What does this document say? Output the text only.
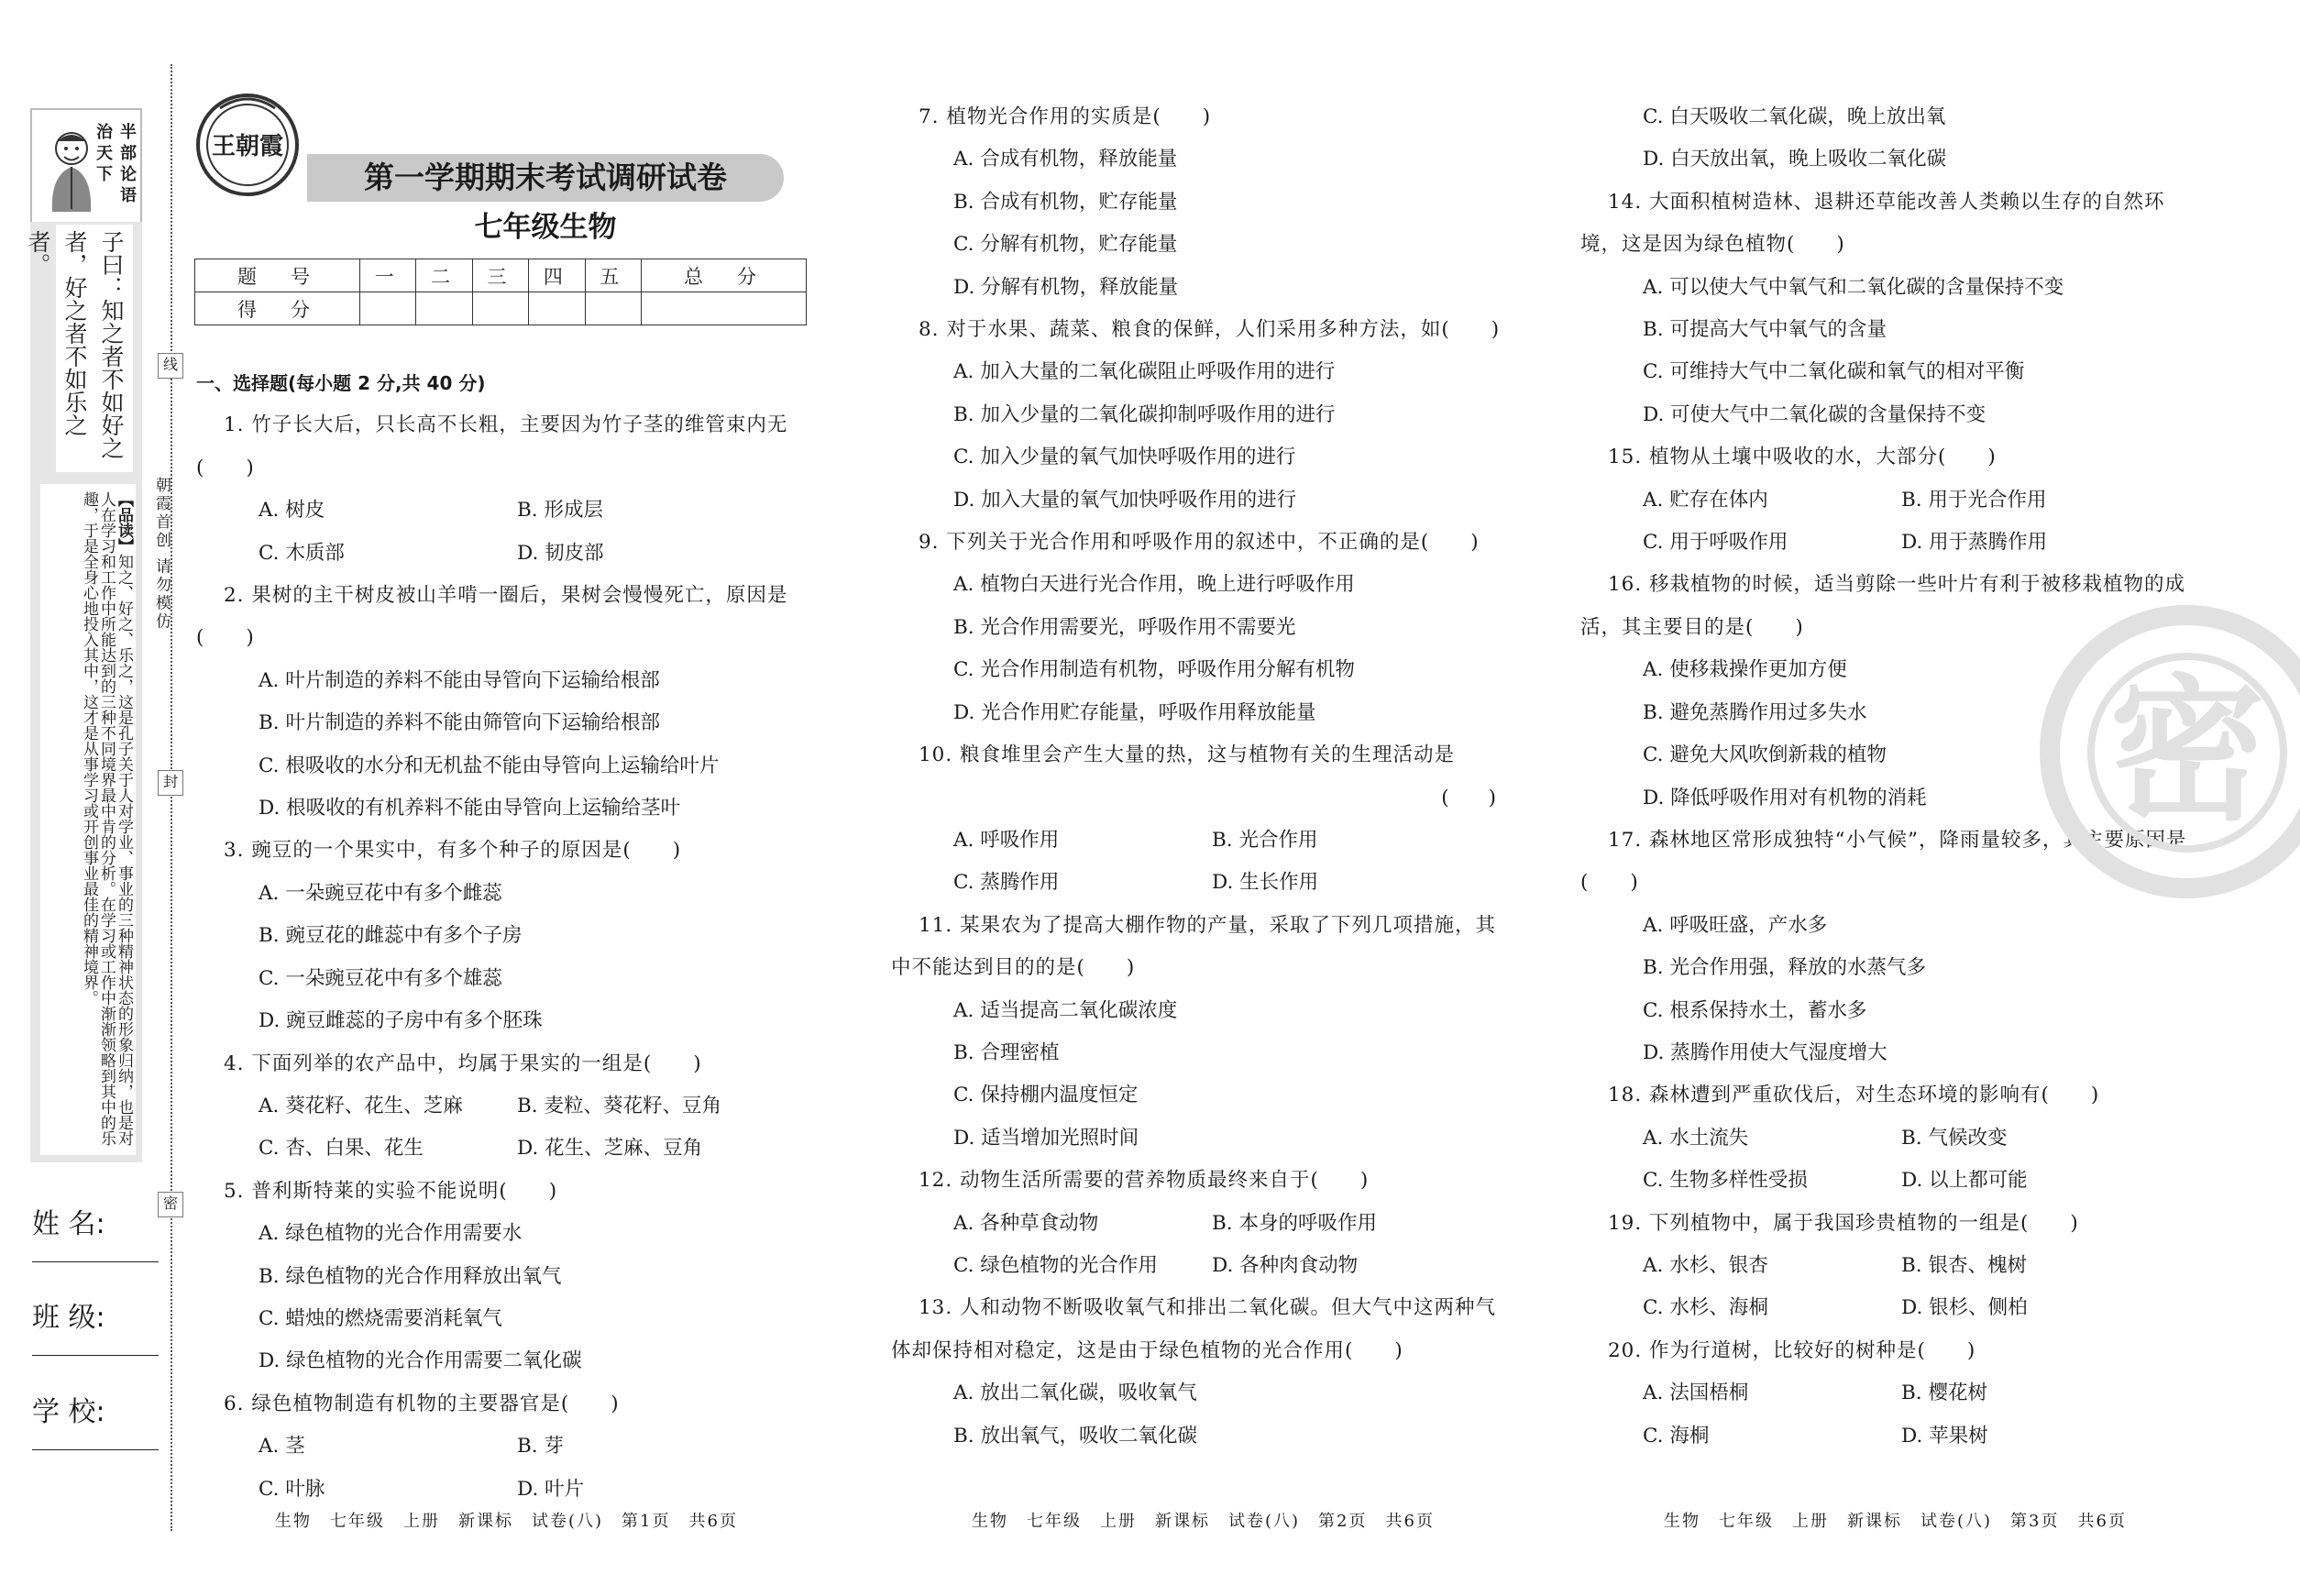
半部论语治天下
子曰：知之者不如好之者，好之者不如乐之者。
【品读】知之、好之、乐之，这是孔子关于人对学业、事业的三种精神状态的形象归纳，也是对人在学习和工作中所能达到的三种不同境界最中肯的分析。在学习或工作中渐渐领略到其中的乐趣，于是全身心地投入其中，这才是从事学习或开创事业最佳的精神境界。
姓 名:
班 级:
学 校:
线
朝霞首创 请勿模仿
封
密
王朝霞
第一学期期末考试调研试卷
七年级生物
题　号	一	二	三	四	五	总　分
得　分						
一、选择题(每小题 2 分,共 40 分)
1. 竹子长大后，只长高不长粗，主要因为竹子茎的维管束内无(　　)
A. 树皮	B. 形成层
C. 木质部	D. 韧皮部
2. 果树的主干树皮被山羊啃一圈后，果树会慢慢死亡，原因是(　　)
A. 叶片制造的养料不能由导管向下运输给根部
B. 叶片制造的养料不能由筛管向下运输给根部
C. 根吸收的水分和无机盐不能由导管向上运输给叶片
D. 根吸收的有机养料不能由导管向上运输给茎叶
3. 豌豆的一个果实中，有多个种子的原因是(　　)
A. 一朵豌豆花中有多个雌蕊
B. 豌豆花的雌蕊中有多个子房
C. 一朵豌豆花中有多个雄蕊
D. 豌豆雌蕊的子房中有多个胚珠
4. 下面列举的农产品中，均属于果实的一组是(　　)
A. 葵花籽、花生、芝麻	B. 麦粒、葵花籽、豆角
C. 杏、白果、花生	D. 花生、芝麻、豆角
5. 普利斯特莱的实验不能说明(　　)
A. 绿色植物的光合作用需要水
B. 绿色植物的光合作用释放出氧气
C. 蜡烛的燃烧需要消耗氧气
D. 绿色植物的光合作用需要二氧化碳
6. 绿色植物制造有机物的主要器官是(　　)
A. 茎	B. 芽
C. 叶脉	D. 叶片
7. 植物光合作用的实质是(　　)
A. 合成有机物，释放能量
B. 合成有机物，贮存能量
C. 分解有机物，贮存能量
D. 分解有机物，释放能量
8. 对于水果、蔬菜、粮食的保鲜，人们采用多种方法，如(　　)
A. 加入大量的二氧化碳阻止呼吸作用的进行
B. 加入少量的二氧化碳抑制呼吸作用的进行
C. 加入少量的氧气加快呼吸作用的进行
D. 加入大量的氧气加快呼吸作用的进行
9. 下列关于光合作用和呼吸作用的叙述中，不正确的是(　　)
A. 植物白天进行光合作用，晚上进行呼吸作用
B. 光合作用需要光，呼吸作用不需要光
C. 光合作用制造有机物，呼吸作用分解有机物
D. 光合作用贮存能量，呼吸作用释放能量
10. 粮食堆里会产生大量的热，这与植物有关的生理活动是
(　　)
A. 呼吸作用	B. 光合作用
C. 蒸腾作用	D. 生长作用
11. 某果农为了提高大棚作物的产量，采取了下列几项措施，其中不能达到目的的是(　　)
A. 适当提高二氧化碳浓度
B. 合理密植
C. 保持棚内温度恒定
D. 适当增加光照时间
12. 动物生活所需要的营养物质最终来自于(　　)
A. 各种草食动物	B. 本身的呼吸作用
C. 绿色植物的光合作用	D. 各种肉食动物
13. 人和动物不断吸收氧气和排出二氧化碳。但大气中这两种气体却保持相对稳定，这是由于绿色植物的光合作用(　　)
A. 放出二氧化碳，吸收氧气
B. 放出氧气，吸收二氧化碳
C. 白天吸收二氧化碳，晚上放出氧
D. 白天放出氧，晚上吸收二氧化碳
14. 大面积植树造林、退耕还草能改善人类赖以生存的自然环境，这是因为绿色植物(　　)
A. 可以使大气中氧气和二氧化碳的含量保持不变
B. 可提高大气中氧气的含量
C. 可维持大气中二氧化碳和氧气的相对平衡
D. 可使大气中二氧化碳的含量保持不变
15. 植物从土壤中吸收的水，大部分(　　)
A. 贮存在体内	B. 用于光合作用
C. 用于呼吸作用	D. 用于蒸腾作用
16. 移栽植物的时候，适当剪除一些叶片有利于被移栽植物的成活，其主要目的是(　　)
A. 使移栽操作更加方便
B. 避免蒸腾作用过多失水
C. 避免大风吹倒新栽的植物
D. 降低呼吸作用对有机物的消耗
17. 森林地区常形成独特“小气候”，降雨量较多，其主要原因是(　　)
A. 呼吸旺盛，产水多
B. 光合作用强，释放的水蒸气多
C. 根系保持水土，蓄水多
D. 蒸腾作用使大气湿度增大
18. 森林遭到严重砍伐后，对生态环境的影响有(　　)
A. 水土流失	B. 气候改变
C. 生物多样性受损	D. 以上都可能
19. 下列植物中，属于我国珍贵植物的一组是(　　)
A. 水杉、银杏	B. 银杏、槐树
C. 水杉、海桐	D. 银杉、侧柏
20. 作为行道树，比较好的树种是(　　)
A. 法国梧桐	B. 樱花树
C. 海桐	D. 苹果树
生物　七年级　上册　新课标　试卷(八)　第1页　共6页	生物　七年级　上册　新课标　试卷(八)　第2页　共6页	生物　七年级　上册　新课标　试卷(八)　第3页　共6页
密
